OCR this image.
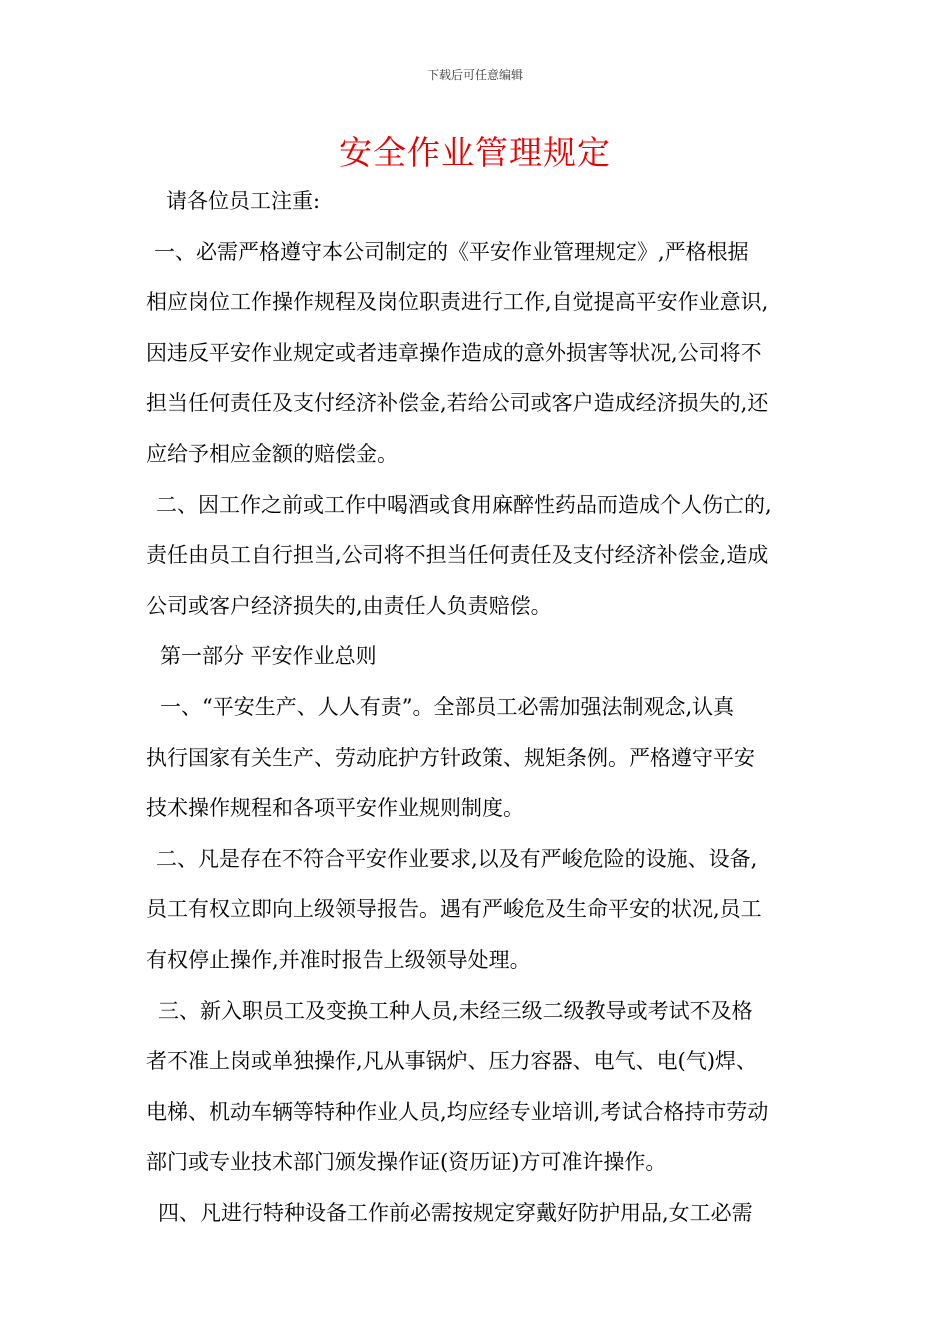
下载后可任意编辑
安全作业管理规定
请各位员工注重:
一、必需严格遵守本公司制定的《平安作业管理规定》,严格根据
相应岗位工作操作规程及岗位职责进行工作,自觉提高平安作业意识,
因违反平安作业规定或者违章操作造成的意外损害等状况,公司将不
担当任何责任及支付经济补偿金,若给公司或客户造成经济损失的,还
应给予相应金额的赔偿金。
二、因工作之前或工作中喝酒或食用麻醉性药品而造成个人伤亡的,
责任由员工自行担当,公司将不担当任何责任及支付经济补偿金,造成
公司或客户经济损失的,由责任人负责赔偿。
第一部分 平安作业总则
一、“平安生产、人人有责”。全部员工必需加强法制观念,认真
执行国家有关生产、劳动庇护方针政策、规矩条例。严格遵守平安
技术操作规程和各项平安作业规则制度。
二、凡是存在不符合平安作业要求,以及有严峻危险的设施、设备,
员工有权立即向上级领导报告。遇有严峻危及生命平安的状况,员工
有权停止操作,并准时报告上级领导处理。
三、新入职员工及变换工种人员,未经三级二级教导或考试不及格
者不准上岗或单独操作,凡从事锅炉、压力容器、电气、电(气)焊、
电梯、机动车辆等特种作业人员,均应经专业培训,考试合格持市劳动
部门或专业技术部门颁发操作证(资历证)方可准许操作。
四、凡进行特种设备工作前必需按规定穿戴好防护用品,女工必需
